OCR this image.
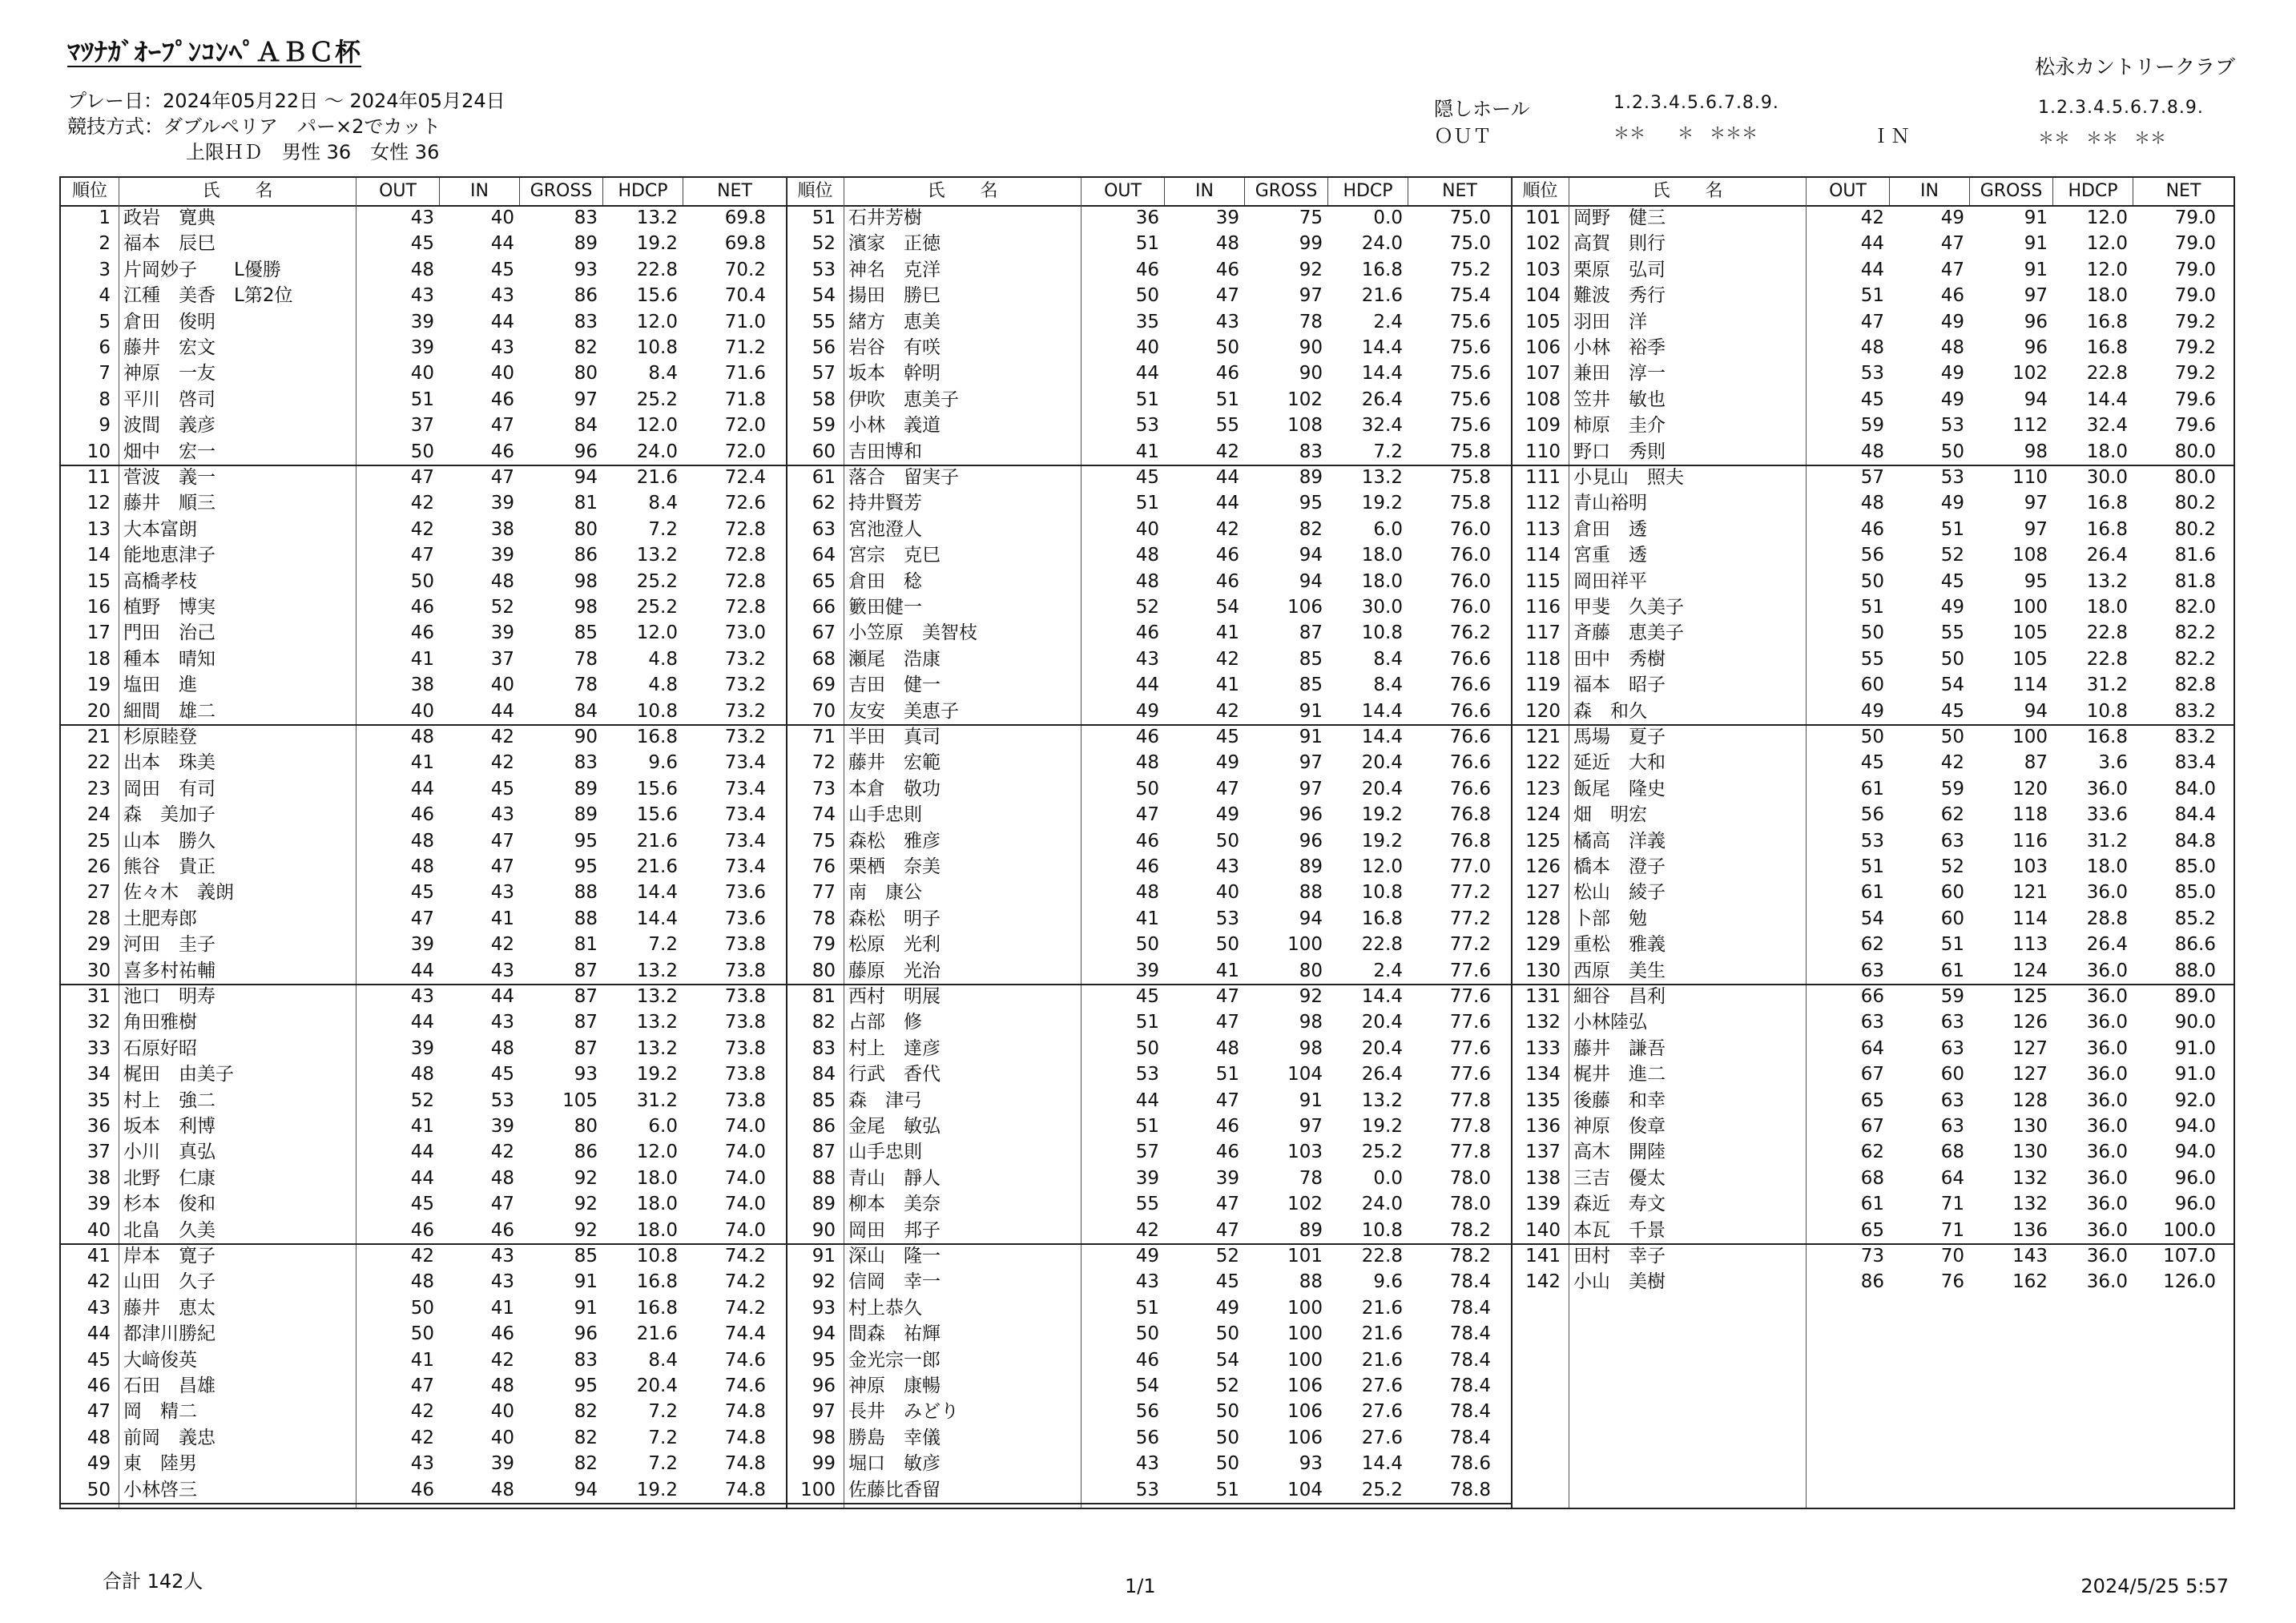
ﾏﾂﾅｶﾞｵｰﾌﾟﾝｺﾝﾍﾟＡＢＣ杯	松永カントリークラブ
プレー日：2024年05月22日 ～ 2024年05月24日
競技方式：ダブルペリア　パー×2でカット
上限ＨＤ　男性 36　女性 36
隠しホール
ＯＵＴ
1.2.3.4.5.6.7.8.9.
＊＊　　＊　＊＊＊	ＩＮ
1.2.3.4.5.6.7.8.9.
＊＊　＊＊　＊＊
順位	氏　　名	OUT	IN	GROSS	HDCP	NET
1 政岩　寛典	43	40	83	13.2	69.8
2 福本　辰巳	45	44	89	19.2	69.8
3 片岡妙子　　L優勝	48	45	93	22.8	70.2
4 江種　美香　L第2位	43	43	86	15.6	70.4
5 倉田　俊明	39	44	83	12.0	71.0
6 藤井　宏文	39	43	82	10.8	71.2
7 神原　一友	40	40	80	8.4	71.6
8 平川　啓司	51	46	97	25.2	71.8
9 波間　義彦	37	47	84	12.0	72.0
10 畑中　宏一	50	46	96	24.0	72.0
11 菅波　義一	47	47	94	21.6	72.4
12 藤井　順三	42	39	81	8.4	72.6
13 大本富朗	42	38	80	7.2	72.8
14 能地恵津子	47	39	86	13.2	72.8
15 高橋孝枝	50	48	98	25.2	72.8
16 植野　博実	46	52	98	25.2	72.8
17 門田　治己	46	39	85	12.0	73.0
18 種本　晴知	41	37	78	4.8	73.2
19 塩田　進	38	40	78	4.8	73.2
20 細間　雄二	40	44	84	10.8	73.2
21 杉原睦登	48	42	90	16.8	73.2
22 出本　珠美	41	42	83	9.6	73.4
23 岡田　有司	44	45	89	15.6	73.4
24 森　美加子	46	43	89	15.6	73.4
25 山本　勝久	48	47	95	21.6	73.4
26 熊谷　貴正	48	47	95	21.6	73.4
27 佐々木　義朗	45	43	88	14.4	73.6
28 土肥寿郎	47	41	88	14.4	73.6
29 河田　圭子	39	42	81	7.2	73.8
30 喜多村祐輔	44	43	87	13.2	73.8
31 池口　明寿	43	44	87	13.2	73.8
32 角田雅樹	44	43	87	13.2	73.8
33 石原好昭	39	48	87	13.2	73.8
34 梶田　由美子	48	45	93	19.2	73.8
35 村上　強二	52	53	105	31.2	73.8
36 坂本　利博	41	39	80	6.0	74.0
37 小川　真弘	44	42	86	12.0	74.0
38 北野　仁康	44	48	92	18.0	74.0
39 杉本　俊和	45	47	92	18.0	74.0
40 北畠　久美	46	46	92	18.0	74.0
41 岸本　寛子	42	43	85	10.8	74.2
42 山田　久子	48	43	91	16.8	74.2
43 藤井　恵太	50	41	91	16.8	74.2
44 都津川勝紀	50	46	96	21.6	74.4
45 大﨑俊英	41	42	83	8.4	74.6
46 石田　昌雄	47	48	95	20.4	74.6
47 岡　精二	42	40	82	7.2	74.8
48 前岡　義忠	42	40	82	7.2	74.8
49 東　陸男	43	39	82	7.2	74.8
50 小林啓三	46	48	94	19.2	74.8
順位	氏　　名	OUT	IN	GROSS	HDCP	NET
51 石井芳樹	36	39	75	0.0	75.0
52 濱家　正徳	51	48	99	24.0	75.0
53 神名　克洋	46	46	92	16.8	75.2
54 揚田　勝巳	50	47	97	21.6	75.4
55 緒方　恵美	35	43	78	2.4	75.6
56 岩谷　有咲	40	50	90	14.4	75.6
57 坂本　幹明	44	46	90	14.4	75.6
58 伊吹　恵美子	51	51	102	26.4	75.6
59 小林　義道	53	55	108	32.4	75.6
60 吉田博和	41	42	83	7.2	75.8
61 落合　留実子	45	44	89	13.2	75.8
62 持井賢芳	51	44	95	19.2	75.8
63 宮池澄人	40	42	82	6.0	76.0
64 宮宗　克巳	48	46	94	18.0	76.0
65 倉田　稔	48	46	94	18.0	76.0
66 籔田健一	52	54	106	30.0	76.0
67 小笠原　美智枝	46	41	87	10.8	76.2
68 瀬尾　浩康	43	42	85	8.4	76.6
69 吉田　健一	44	41	85	8.4	76.6
70 友安　美恵子	49	42	91	14.4	76.6
71 半田　真司	46	45	91	14.4	76.6
72 藤井　宏範	48	49	97	20.4	76.6
73 本倉　敬功	50	47	97	20.4	76.6
74 山手忠則	47	49	96	19.2	76.8
75 森松　雅彦	46	50	96	19.2	76.8
76 栗栖　奈美	46	43	89	12.0	77.0
77 南　康公	48	40	88	10.8	77.2
78 森松　明子	41	53	94	16.8	77.2
79 松原　光利	50	50	100	22.8	77.2
80 藤原　光治	39	41	80	2.4	77.6
81 西村　明展	45	47	92	14.4	77.6
82 占部　修	51	47	98	20.4	77.6
83 村上　達彦	50	48	98	20.4	77.6
84 行武　香代	53	51	104	26.4	77.6
85 森　津弓	44	47	91	13.2	77.8
86 金尾　敏弘	51	46	97	19.2	77.8
87 山手忠則	57	46	103	25.2	77.8
88 青山　靜人	39	39	78	0.0	78.0
89 柳本　美奈	55	47	102	24.0	78.0
90 岡田　邦子	42	47	89	10.8	78.2
91 深山　隆一	49	52	101	22.8	78.2
92 信岡　幸一	43	45	88	9.6	78.4
93 村上恭久	51	49	100	21.6	78.4
94 間森　祐輝	50	50	100	21.6	78.4
95 金光宗一郎	46	54	100	21.6	78.4
96 神原　康暢	54	52	106	27.6	78.4
97 長井　みどり	56	50	106	27.6	78.4
98 勝島　幸儀	56	50	106	27.6	78.4
99 堀口　敏彦	43	50	93	14.4	78.6
100 佐藤比香留	53	51	104	25.2	78.8
順位	氏　　名	OUT	IN	GROSS	HDCP	NET
101 岡野　健三	42	49	91	12.0	79.0
102 高賀　則行	44	47	91	12.0	79.0
103 栗原　弘司	44	47	91	12.0	79.0
104 難波　秀行	51	46	97	18.0	79.0
105 羽田　洋	47	49	96	16.8	79.2
106 小林　裕季	48	48	96	16.8	79.2
107 兼田　淳一	53	49	102	22.8	79.2
108 笠井　敏也	45	49	94	14.4	79.6
109 柿原　圭介	59	53	112	32.4	79.6
110 野口　秀則	48	50	98	18.0	80.0
111 小見山　照夫	57	53	110	30.0	80.0
112 青山裕明	48	49	97	16.8	80.2
113 倉田　透	46	51	97	16.8	80.2
114 宮重　透	56	52	108	26.4	81.6
115 岡田祥平	50	45	95	13.2	81.8
116 甲斐　久美子	51	49	100	18.0	82.0
117 斉藤　恵美子	50	55	105	22.8	82.2
118 田中　秀樹	55	50	105	22.8	82.2
119 福本　昭子	60	54	114	31.2	82.8
120 森　和久	49	45	94	10.8	83.2
121 馬場　夏子	50	50	100	16.8	83.2
122 延近　大和	45	42	87	3.6	83.4
123 飯尾　隆史	61	59	120	36.0	84.0
124 畑　明宏	56	62	118	33.6	84.4
125 橘高　洋義	53	63	116	31.2	84.8
126 橋本　澄子	51	52	103	18.0	85.0
127 松山　綾子	61	60	121	36.0	85.0
128 卜部　勉	54	60	114	28.8	85.2
129 重松　雅義	62	51	113	26.4	86.6
130 西原　美生	63	61	124	36.0	88.0
131 細谷　昌利	66	59	125	36.0	89.0
132 小林陸弘	63	63	126	36.0	90.0
133 藤井　謙吾	64	63	127	36.0	91.0
134 梶井　進二	67	60	127	36.0	91.0
135 後藤　和幸	65	63	128	36.0	92.0
136 神原　俊章	67	63	130	36.0	94.0
137 高木　開陸	62	68	130	36.0	94.0
138 三吉　優太	68	64	132	36.0	96.0
139 森近　寿文	61	71	132	36.0	96.0
140 本瓦　千景	65	71	136	36.0	100.0
141 田村　幸子	73	70	143	36.0	107.0
142 小山　美樹	86	76	162	36.0	126.0
合計 142人	1/1	2024/5/25 5:57
